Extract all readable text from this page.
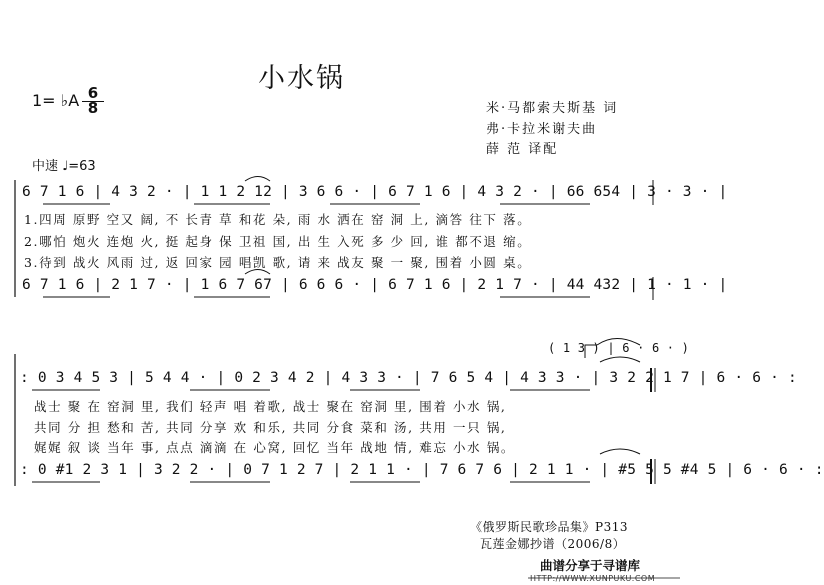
小水锅
1= ♭A 6
8	米·马都索夫斯基 词
弗·卡拉米谢夫曲
薛 范 译配
中速 ♩=63
6 7 1 6 | 4 3 2 · | 1 1 2 12 | 3 6 6 · | 6 7 1 6 | 4 3 2 · | 66 654 | 3 · 3 · |
1.四周 原野 空又 阔, 不 长青 草 和花 朵, 雨 水 洒在 窑 洞 上, 滴答 往下 落。
2.哪怕 炮火 连炮 火, 挺 起身 保 卫祖 国, 出 生 入死 多 少 回, 谁 都不退 缩。
3.待到 战火 风雨 过, 返 回家 园 唱凯 歌, 请 来 战友 聚 一 聚, 围着 小圆 桌。
6 7 1 6 | 2 1 7 · | 1 6 7 67 | 6 6 6 · | 6 7 1 6 | 2 1 7 · | 44 432 | 1 · 1 · |
( 1 3 ) | 6 · 6 · )
: 0 3 4 5 3 | 5 4 4 · | 0 2 3 4 2 | 4 3 3 · | 7 6 5 4 | 4 3 3 · | 3 2 2 1 7 | 6 · 6 · :
战士 聚 在 窑洞 里, 我们 轻声 唱 着歌, 战士 聚在 窑洞 里, 围着 小水 锅,
共同 分 担 愁和 苦, 共同 分享 欢 和乐, 共同 分食 菜和 汤, 共用 一只 锅,
娓娓 叙 谈 当年 事, 点点 滴滴 在 心窝, 回忆 当年 战地 情, 难忘 小水 锅。
: 0 #1 2 3 1 | 3 2 2 · | 0 7 1 2 7 | 2 1 1 · | 7 6 7 6 | 2 1 1 · | #5 5 5 #4 5 | 6 · 6 · :
《俄罗斯民歌珍品集》P313
瓦莲金娜抄谱（2006/8）
曲谱分享于寻谱库
HTTP://WWW.XUNPUKU.COM
